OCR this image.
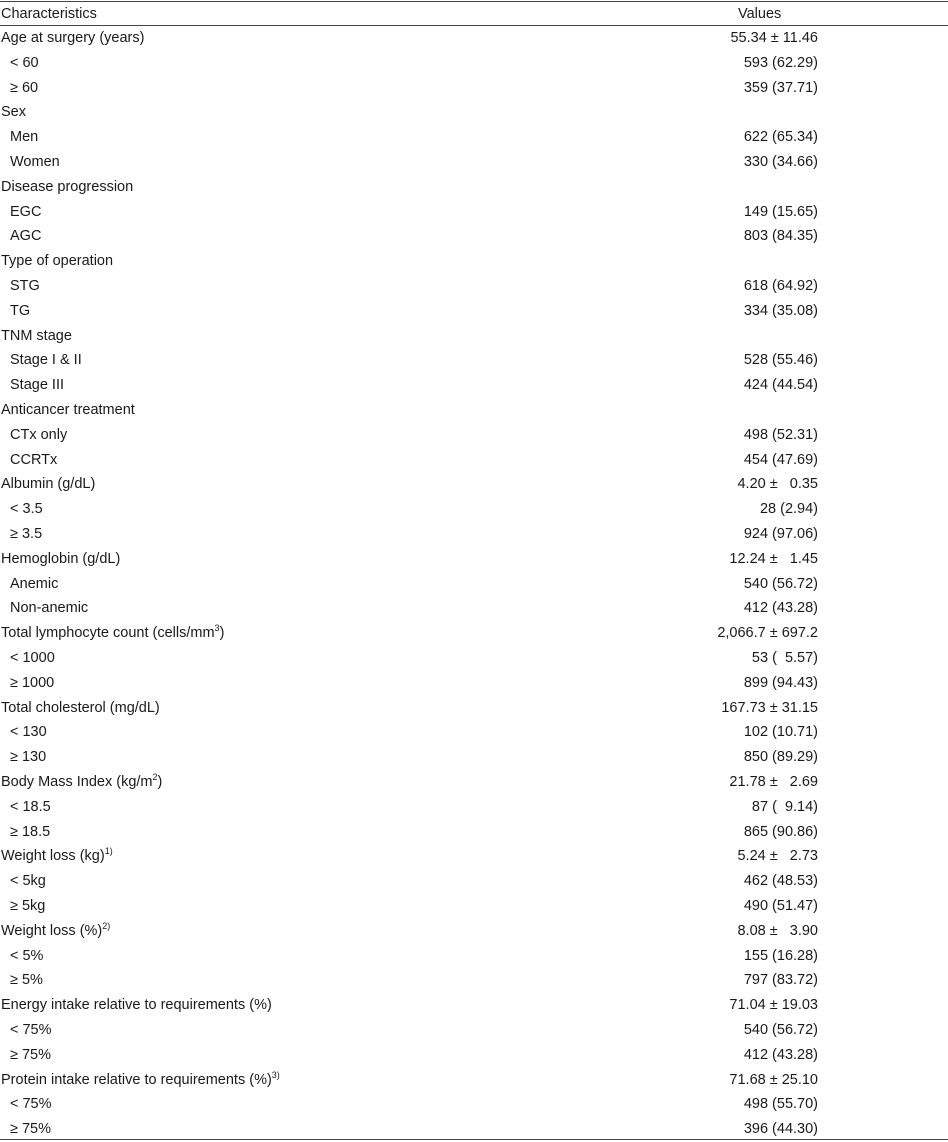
Characteristics

	Values

Age at surgery (years)	55.34 ± 11.46
< 60	593 (62.29)
≥ 60	359 (37.71)
Sex
Men	622 (65.34)
Women	330 (34.66)
Disease progression
EGC	149 (15.65)
AGC	803 (84.35)
Type of operation
STG	618 (64.92)
TG	334 (35.08)
TNM stage
Stage I & II	528 (55.46)
Stage III	424 (44.54)
Anticancer treatment
CTx only	498 (52.31)
CCRTx	454 (47.69)
Albumin (g/dL)	4.20 ±   0.35
< 3.5	28 (2.94)
≥ 3.5	924 (97.06)
Hemoglobin (g/dL)	12.24 ±   1.45
Anemic	540 (56.72)
Non-anemic	412 (43.28)
Total lymphocyte count $(cells/mm^3)$	2,066.7 ± 697.2
< 1000	53 (  5.57)
≥ 1000	899 (94.43)
Total cholesterol (mg/dL)	167.73 ± 31.15
< 130	102 (10.71)
≥ 130	850 (89.29)
Body Mass Index $(kg/m^2)$	21.78 ±   2.69
< 18.5	87 (  9.14)
≥ 18.5	865 (90.86)
Weight loss (kg)$^{1)}$	5.24 ±   2.73
< 5kg	462 (48.53)
≥ 5kg	490 (51.47)
Weight loss (%)$^{2)}$	8.08 ±   3.90
< 5%	155 (16.28)
≥ 5%	797 (83.72)
Energy intake relative to requirements (%)	71.04 ± 19.03
< 75%	540 (56.72)
≥ 75%	412 (43.28)
Protein intake relative to requirements (%)$^{3)}$	71.68 ± 25.10
< 75%	498 (55.70)
≥ 75%	396 (44.30)
